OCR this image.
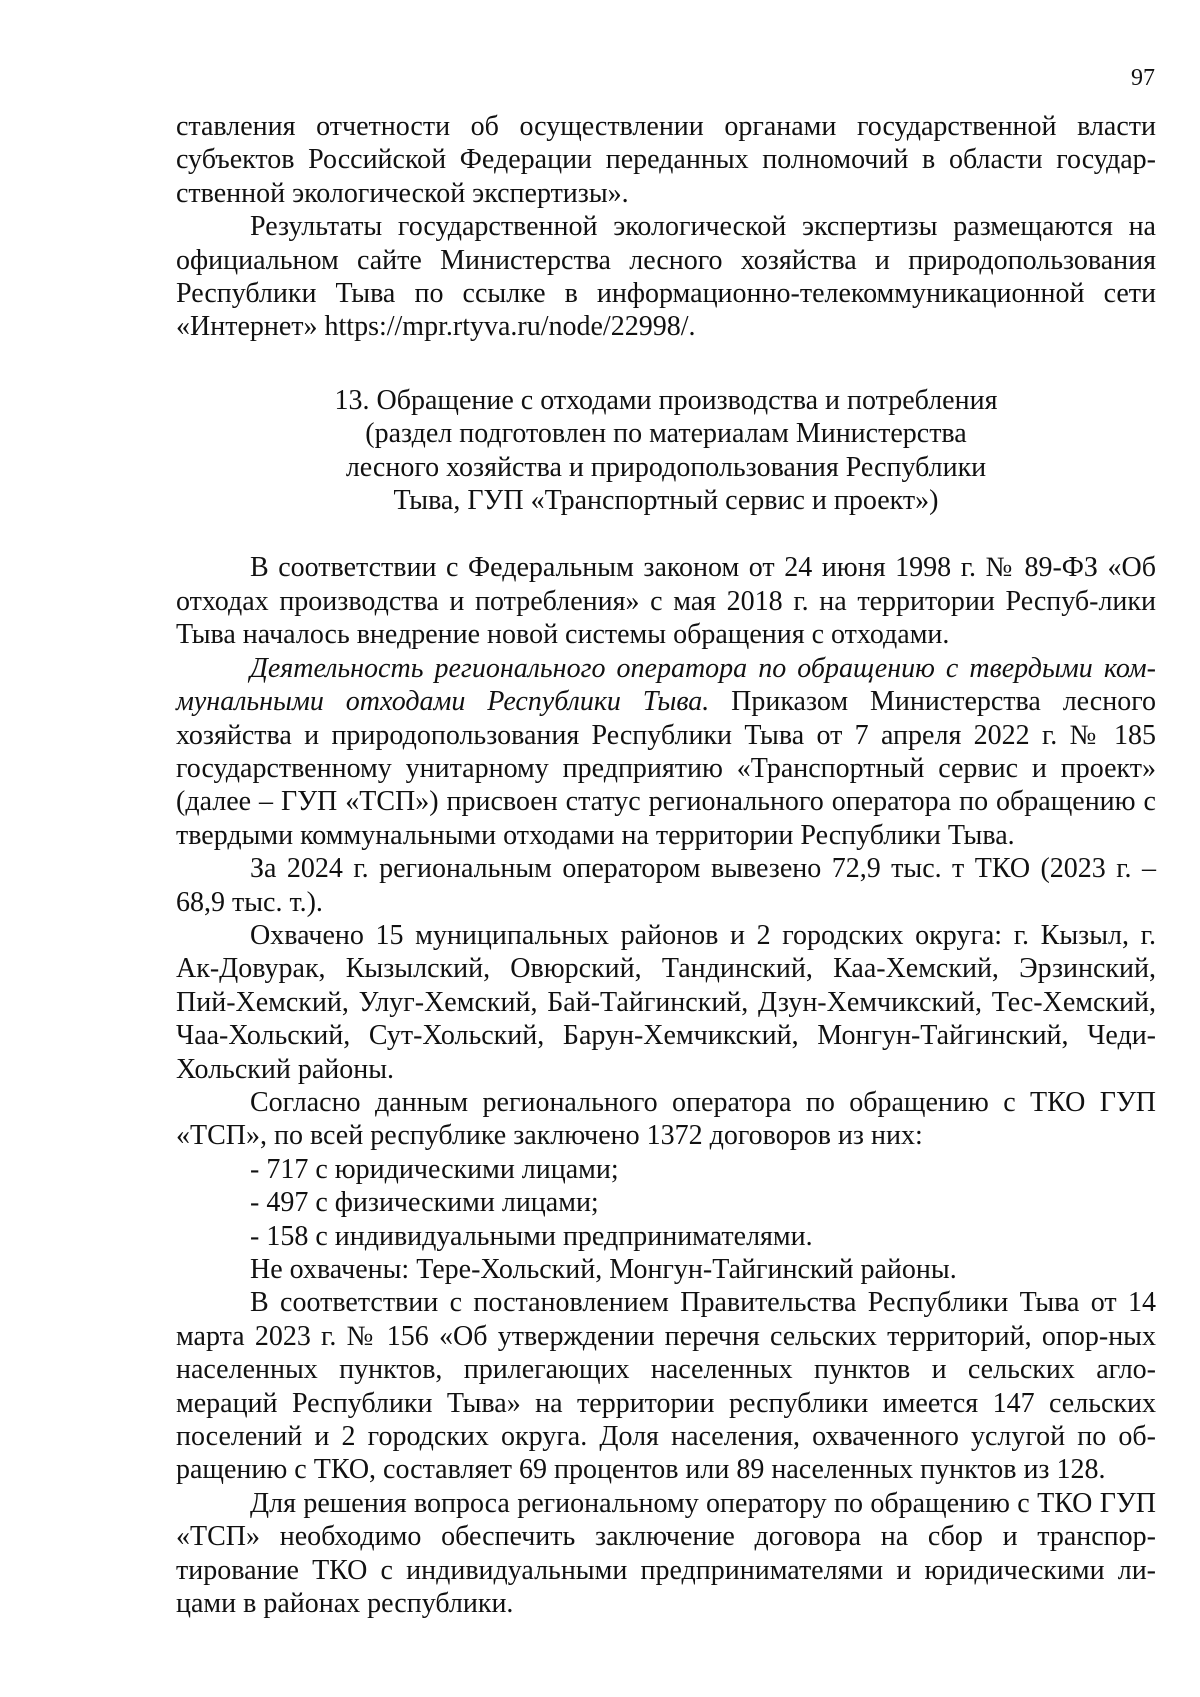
97

ставления отчетности об осуществлении органами государственной власти субъектов Российской Федерации переданных полномочий в области государ-ственной экологической экспертизы».

Результаты государственной экологической экспертизы размещаются на официальном сайте Министерства лесного хозяйства и природопользования Республики Тыва по ссылке в информационно-телекоммуникационной сети «Интернет» https://mpr.rtyva.ru/node/22998/.

13. Обращение с отходами производства и потребления
(раздел подготовлен по материалам Министерства
лесного хозяйства и природопользования Республики
Тыва, ГУП «Транспортный сервис и проект»)

В соответствии с Федеральным законом от 24 июня 1998 г. № 89-ФЗ «Об отходах производства и потребления» с мая 2018 г. на территории Респуб-лики Тыва началось внедрение новой системы обращения с отходами.

Деятельность регионального оператора по обращению с твердыми ком-мунальными отходами Республики Тыва. Приказом Министерства лесного хозяйства и природопользования Республики Тыва от 7 апреля 2022 г. № 185 государственному унитарному предприятию «Транспортный сервис и проект» (далее – ГУП «ТСП») присвоен статус регионального оператора по обращению с твердыми коммунальными отходами на территории Республики Тыва.

За 2024 г. региональным оператором вывезено 72,9 тыс. т ТКО (2023 г. – 68,9 тыс. т.).

Охвачено 15 муниципальных районов и 2 городских округа: г. Кызыл, г. Ак-Довурак, Кызылский, Овюрский, Тандинский, Каа-Хемский, Эрзинский, Пий-Хемский, Улуг-Хемский, Бай-Тайгинский, Дзун-Хемчикский, Тес-Хемский, Чаа-Хольский, Сут-Хольский, Барун-Хемчикский, Монгун-Тайгинский, Чеди-Хольский районы.

Согласно данным регионального оператора по обращению с ТКО ГУП «ТСП», по всей республике заключено 1372 договоров из них:

- 717 с юридическими лицами;

- 497 с физическими лицами;

- 158 с индивидуальными предпринимателями.

Не охвачены: Тере-Хольский, Монгун-Тайгинский районы.

В соответствии с постановлением Правительства Республики Тыва от 14 марта 2023 г. № 156 «Об утверждении перечня сельских территорий, опор-ных населенных пунктов, прилегающих населенных пунктов и сельских агло-мераций Республики Тыва» на территории республики имеется 147 сельских поселений и 2 городских округа. Доля населения, охваченного услугой по об-ращению с ТКО, составляет 69 процентов или 89 населенных пунктов из 128.

Для решения вопроса региональному оператору по обращению с ТКО ГУП «ТСП» необходимо обеспечить заключение договора на сбор и транспор-тирование ТКО с индивидуальными предпринимателями и юридическими ли-цами в районах республики.
